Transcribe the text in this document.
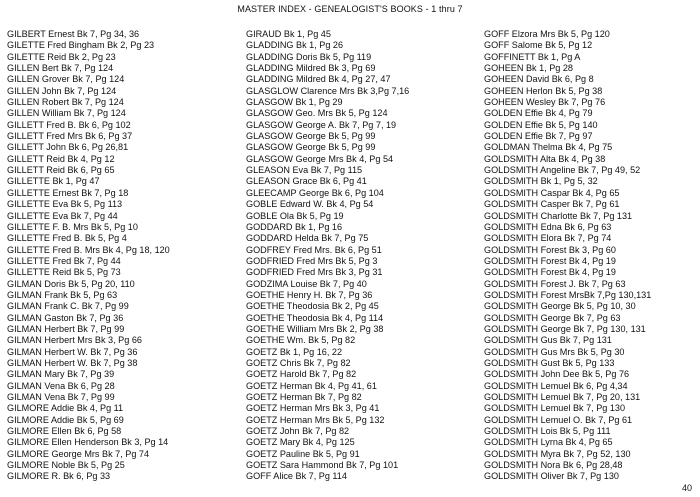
MASTER INDEX - GENEALOGIST'S BOOKS - 1 thru 7
GILBERT Ernest Bk 7, Pg 34, 36
GILETTE Fred Bingham Bk 2, Pg 23
GILETTE Reid Bk 2, Pg 23
GILLEN Bert Bk 7, Pg 124
GILLEN Grover Bk 7, Pg 124
GILLEN John Bk 7, Pg 124
GILLEN Robert Bk 7, Pg 124
GILLEN William Bk 7, Pg 124
GILLETT Fred B. Bk 6, Pg 102
GILLETT Fred Mrs Bk 6, Pg 37
GILLETT John Bk 6, Pg 26,81
GILLETT Reid Bk 4, Pg 12
GILLETT Reid Bk 6, Pg 65
GILLETTE Bk 1, Pg 47
GILLETTE Ernest Bk 7, Pg 18
GILLETTE Eva Bk 5, Pg 113
GILLETTE Eva Bk 7, Pg 44
GILLETTE F. B. Mrs Bk 5, Pg 10
GILLETTE Fred B. Bk 5, Pg 4
GILLETTE Fred B. Mrs Bk 4, Pg 18, 120
GILLETTE Fred Bk 7, Pg 44
GILLETTE Reid Bk 5, Pg 73
GILMAN Doris Bk 5, Pg 20, 110
GILMAN Frank Bk 5, Pg 63
GILMAN Frank C. Bk 7, Pg 99
GILMAN Gaston Bk 7, Pg 36
GILMAN Herbert Bk 7, Pg 99
GILMAN Herbert Mrs Bk 3, Pg 66
GILMAN Herbert W. Bk 7, Pg 36
GILMAN Herbert W. Bk 7, Pg 38
GILMAN Mary Bk 7, Pg 39
GILMAN Vena Bk 6, Pg 28
GILMAN Vena Bk 7, Pg 99
GILMORE Addie Bk 4, Pg 11
GILMORE Addie Bk 5, Pg 69
GILMORE Ellen Bk 6, Pg 58
GILMORE Ellen Henderson Bk 3, Pg 14
GILMORE George Mrs Bk 7, Pg 74
GILMORE Noble Bk 5, Pg 25
GILMORE R. Bk 6, Pg 33
GIRAUD Bk 1, Pg 45
GLADDING Bk 1, Pg 26
GLADDING Doris Bk 5, Pg 119
GLADDING Mildred Bk 3, Pg 69
GLADDING Mildred Bk 4, Pg 27, 47
GLASGLOW Clarence Mrs Bk 3,Pg 7,16
GLASGOW Bk 1, Pg 29
GLASGOW Geo. Mrs Bk 5, Pg 124
GLASGOW George A. Bk 7, Pg 7, 19
GLASGOW George Bk 5, Pg 99
GLASGOW George Bk 5, Pg 99
GLASGOW George Mrs Bk 4, Pg 54
GLEASON Eva Bk 7, Pg 115
GLEASON Grace Bk 6, Pg 41
GLEECAMP George Bk 6, Pg 104
GOBLE Edward W. Bk 4, Pg 54
GOBLE Ola Bk 5, Pg 19
GODDARD Bk 1, Pg 16
GODDARD Helda Bk 7, Pg 75
GODFREY Fred Mrs. Bk 6, Pg 51
GODFRIED Fred Mrs Bk 5, Pg 3
GODFRIED Fred Mrs Bk 3, Pg 31
GODZIMA Louise Bk 7, Pg 40
GOETHE Henry H. Bk 7, Pg 36
GOETHE Theodosia Bk 2, Pg 45
GOETHE Theodosia Bk 4, Pg 114
GOETHE William Mrs Bk 2, Pg 38
GOETHE Wm. Bk 5, Pg 82
GOETZ Bk 1, Pg 16, 22
GOETZ Chris Bk 7, Pg 82
GOETZ Harold Bk 7, Pg 82
GOETZ Herman Bk 4, Pg 41, 61
GOETZ Herman Bk 7, Pg 82
GOETZ Herman Mrs Bk 3, Pg 41
GOETZ Herman Mrs Bk 5, Pg 132
GOETZ John Bk 7, Pg 82
GOETZ Mary Bk 4, Pg 125
GOETZ Pauline Bk 5, Pg 91
GOETZ Sara Hammond Bk 7, Pg 101
GOFF Alice Bk 7, Pg 114
GOFF Elzora Mrs Bk 5, Pg 120
GOFF Salome Bk 5, Pg 12
GOFFINETT Bk 1, Pg A
GOHEEN Bk 1, Pg 28
GOHEEN David Bk 6, Pg 8
GOHEEN Herlon Bk 5, Pg 38
GOHEEN Wesley Bk 7, Pg 76
GOLDEN Effie Bk 4, Pg 79
GOLDEN Effie Bk 5, Pg 140
GOLDEN Effie Bk 7, Pg 97
GOLDMAN Thelma Bk 4, Pg 75
GOLDSMITH Alta Bk 4, Pg 38
GOLDSMITH Angeline Bk 7, Pg 49, 52
GOLDSMITH Bk 1, Pg 5, 32
GOLDSMITH Caspar Bk 4, Pg 65
GOLDSMITH Casper Bk 7, Pg 61
GOLDSMITH Charlotte Bk 7, Pg 131
GOLDSMITH Edna Bk 6, Pg 63
GOLDSMITH Elora Bk 7, Pg 74
GOLDSMITH Forest Bk 3, Pg 60
GOLDSMITH Forest Bk 4, Pg 19
GOLDSMITH Forest Bk 4, Pg 19
GOLDSMITH Forest J. Bk 7, Pg 63
GOLDSMITH Forest MrsBk 7,Pg 130,131
GOLDSMITH George Bk 5, Pg 10, 30
GOLDSMITH George Bk 7, Pg 63
GOLDSMITH George Bk 7, Pg 130, 131
GOLDSMITH Gus Bk 7, Pg 131
GOLDSMITH Gus Mrs Bk 5, Pg 30
GOLDSMITH Gust Bk 5, Pg 133
GOLDSMITH John Dee Bk 5, Pg 76
GOLDSMITH Lemuel Bk 6, Pg 4,34
GOLDSMITH Lemuel Bk 7, Pg 20, 131
GOLDSMITH Lemuel Bk 7, Pg 130
GOLDSMITH Lemuel O. Bk 7, Pg 61
GOLDSMITH Lois Bk 5, Pg 111
GOLDSMITH Lyrna Bk 4, Pg 65
GOLDSMITH Myra Bk 7, Pg 52, 130
GOLDSMITH Nora Bk 6, Pg 28,48
GOLDSMITH Oliver Bk 7, Pg 130
40
